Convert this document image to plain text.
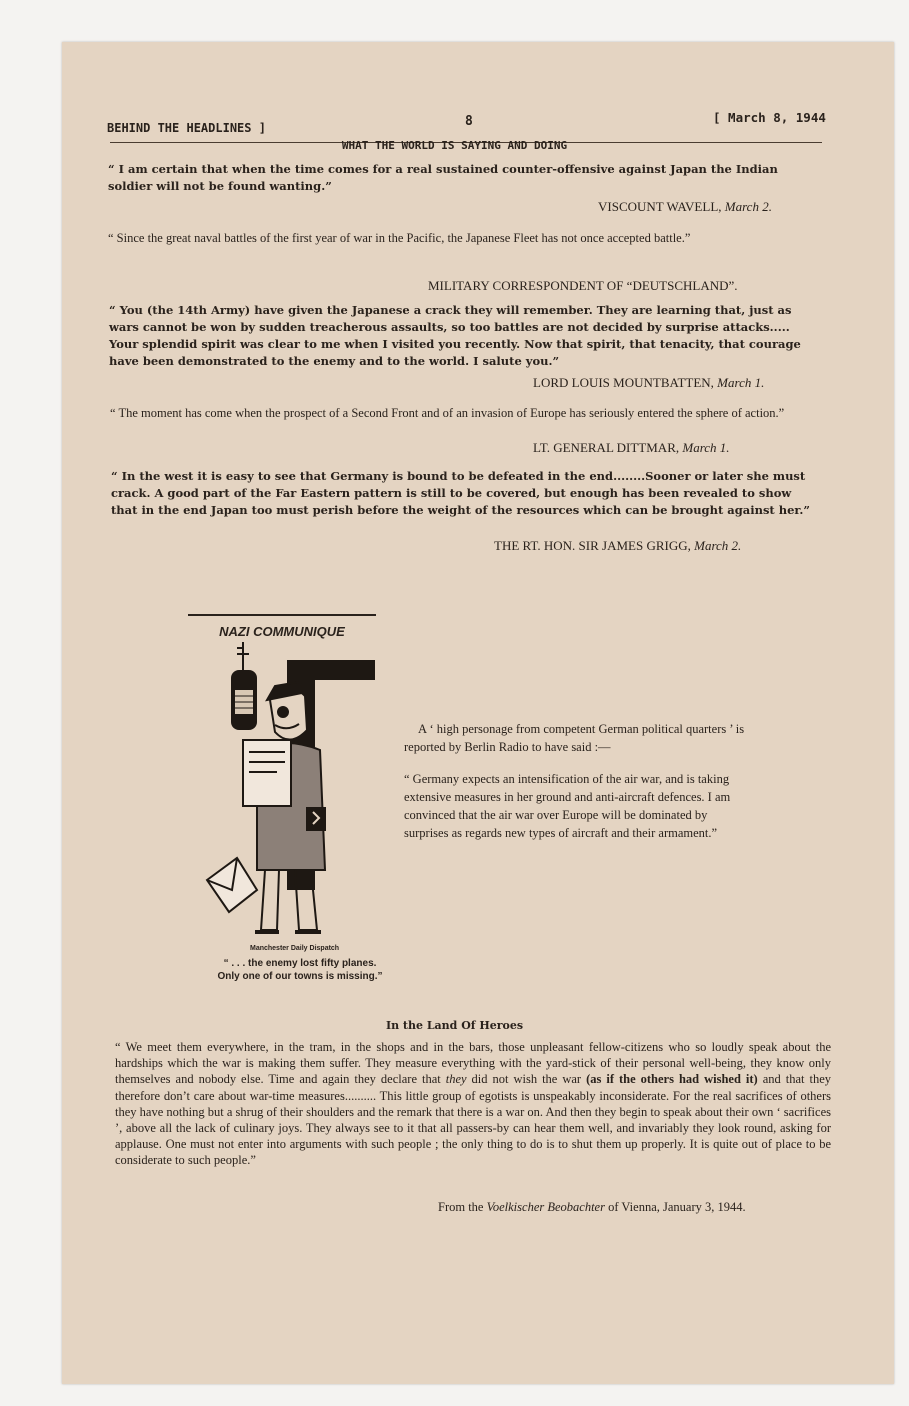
BEHIND THE HEADLINES ]	8	[ March 8, 1944
WHAT THE WORLD IS SAYING AND DOING
“ I am certain that when the time comes for a real sustained counter-offensive against Japan the Indian soldier will not be found wanting.”
VISCOUNT WAVELL, March 2.
“ Since the great naval battles of the first year of war in the Pacific, the Japanese Fleet has not once accepted battle.”
MILITARY CORRESPONDENT OF “DEUTSCHLAND”.
“ You (the 14th Army) have given the Japanese a crack they will remember. They are learning that, just as wars cannot be won by sudden treacherous assaults, so too battles are not decided by surprise attacks..... Your splendid spirit was clear to me when I visited you recently. Now that spirit, that tenacity, that courage have been demonstrated to the enemy and to the world. I salute you.”
LORD LOUIS MOUNTBATTEN, March 1.
“ The moment has come when the prospect of a Second Front and of an invasion of Europe has seriously entered the sphere of action.”
LT. GENERAL DITTMAR, March 1.
“ In the west it is easy to see that Germany is bound to be defeated in the end........Sooner or later she must crack. A good part of the Far Eastern pattern is still to be covered, but enough has been revealed to show that in the end Japan too must perish before the weight of the resources which can be brought against her.”
THE RT. HON. SIR JAMES GRIGG, March 2.
NAZI COMMUNIQUE
Manchester Daily Dispatch
“ . . . the enemy lost fifty planes.
Only one of our towns is missing.”
A ‘ high personage from competent German political quarters ’ is reported by Berlin Radio to have said :—
“ Germany expects an intensification of the air war, and is taking extensive measures in her ground and anti-aircraft defences. I am convinced that the air war over Europe will be dominated by surprises as regards new types of aircraft and their armament.”
In the Land Of Heroes
“ We meet them everywhere, in the tram, in the shops and in the bars, those unpleasant fellow-citizens who so loudly speak about the hardships which the war is making them suffer. They measure everything with the yard-stick of their personal well-being, they know only themselves and nobody else. Time and again they declare that they did not wish the war (as if the others had wished it) and that they therefore don’t care about war-time measures.......... This little group of egotists is unspeakably inconsiderate. For the real sacrifices of others they have nothing but a shrug of their shoulders and the remark that there is a war on. And then they begin to speak about their own ‘ sacrifices ’, above all the lack of culinary joys. They always see to it that all passers-by can hear them well, and invariably they look round, asking for applause. One must not enter into arguments with such people ; the only thing to do is to shut them up properly. It is quite out of place to be considerate to such people.”
From the Voelkischer Beobachter of Vienna, January 3, 1944.
